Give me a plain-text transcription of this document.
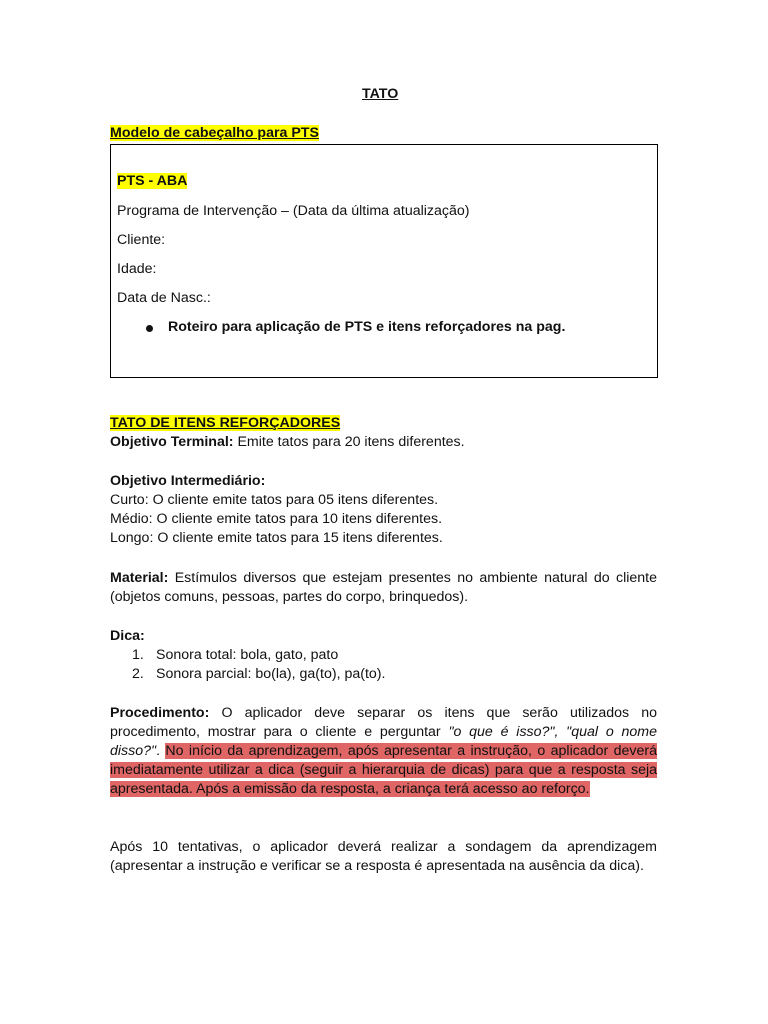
TATO
Modelo de cabeçalho para PTS
PTS - ABA
Programa de Intervenção – (Data da última atualização)
Cliente:
Idade:
Data de Nasc.:
Roteiro para aplicação de PTS e itens reforçadores na pag.
TATO DE ITENS REFORÇADORES
Objetivo Terminal: Emite tatos para 20 itens diferentes.
Objetivo Intermediário:
Curto: O cliente emite tatos para 05 itens diferentes.
Médio: O cliente emite tatos para 10 itens diferentes.
Longo: O cliente emite tatos para 15 itens diferentes.
Material: Estímulos diversos que estejam presentes no ambiente natural do cliente (objetos comuns, pessoas, partes do corpo, brinquedos).
Dica:
1. Sonora total: bola, gato, pato
2. Sonora parcial: bo(la), ga(to), pa(to).
Procedimento: O aplicador deve separar os itens que serão utilizados no procedimento, mostrar para o cliente e perguntar "o que é isso?", "qual o nome disso?". No início da aprendizagem, após apresentar a instrução, o aplicador deverá imediatamente utilizar a dica (seguir a hierarquia de dicas) para que a resposta seja apresentada. Após a emissão da resposta, a criança terá acesso ao reforço.
Após 10 tentativas, o aplicador deverá realizar a sondagem da aprendizagem (apresentar a instrução e verificar se a resposta é apresentada na ausência da dica).
